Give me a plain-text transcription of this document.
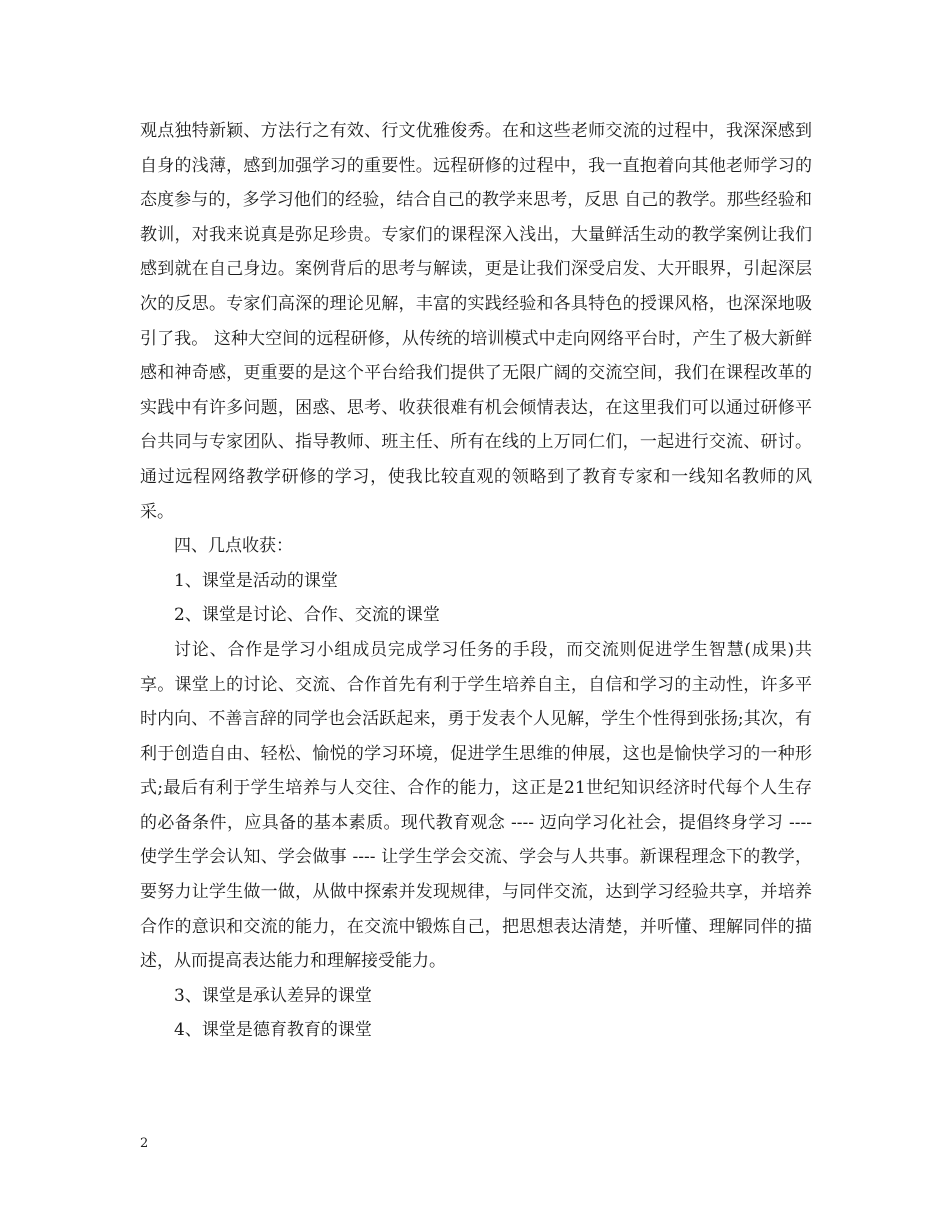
观点独特新颖、方法行之有效、行文优雅俊秀。在和这些老师交流的过程中，我深深感到自身的浅薄，感到加强学习的重要性。远程研修的过程中，我一直抱着向其他老师学习的态度参与的，多学习他们的经验，结合自己的教学来思考，反思 自己的教学。那些经验和教训，对我来说真是弥足珍贵。专家们的课程深入浅出，大量鲜活生动的教学案例让我们感到就在自己身边。案例背后的思考与解读，更是让我们深受启发、大开眼界，引起深层次的反思。专家们高深的理论见解，丰富的实践经验和各具特色的授课风格，也深深地吸引了我。 这种大空间的远程研修，从传统的培训模式中走向网络平台时，产生了极大新鲜感和神奇感，更重要的是这个平台给我们提供了无限广阔的交流空间，我们在课程改革的实践中有许多问题，困惑、思考、收获很难有机会倾情表达，在这里我们可以通过研修平台共同与专家团队、指导教师、班主任、所有在线的上万同仁们，一起进行交流、研讨。通过远程网络教学研修的学习，使我比较直观的领略到了教育专家和一线知名教师的风采。

四、几点收获：

1、课堂是活动的课堂

2、课堂是讨论、合作、交流的课堂

讨论、合作是学习小组成员完成学习任务的手段，而交流则促进学生智慧(成果)共享。课堂上的讨论、交流、合作首先有利于学生培养自主，自信和学习的主动性，许多平时内向、不善言辞的同学也会活跃起来，勇于发表个人见解，学生个性得到张扬;其次，有利于创造自由、轻松、愉悦的学习环境，促进学生思维的伸展，这也是愉快学习的一种形式;最后有利于学生培养与人交往、合作的能力，这正是21世纪知识经济时代每个人生存的必备条件，应具备的基本素质。现代教育观念 ---- 迈向学习化社会，提倡终身学习 ---- 使学生学会认知、学会做事 ---- 让学生学会交流、学会与人共事。新课程理念下的教学，要努力让学生做一做，从做中探索并发现规律，与同伴交流，达到学习经验共享，并培养合作的意识和交流的能力，在交流中锻炼自己，把思想表达清楚，并听懂、理解同伴的描述，从而提高表达能力和理解接受能力。

3、课堂是承认差异的课堂

4、课堂是德育教育的课堂

2
